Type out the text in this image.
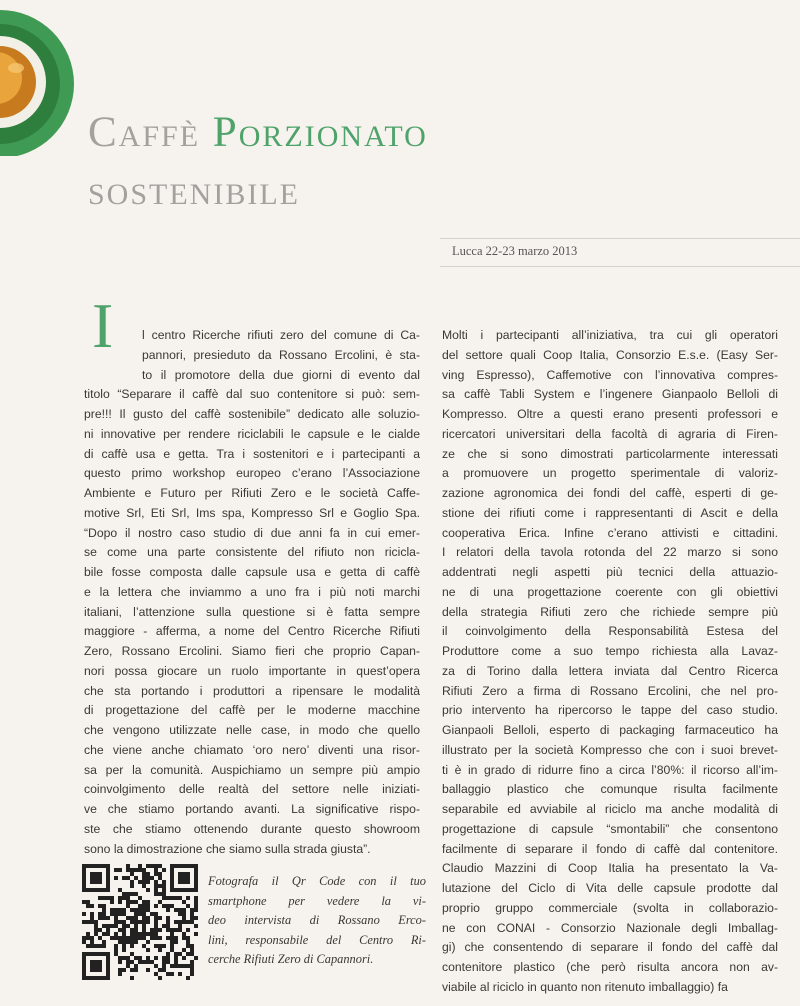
Caffè Porzionato
sostenibile
Lucca 22-23 marzo 2013
I	l centro Ricerche rifiuti zero del comune di Ca-
pannori, presieduto da Rossano Ercolini, è sta-
to il promotore della due giorni di evento dal
titolo “Separare il caffè dal suo contenitore si può: sem-
pre!!! Il gusto del caffè sostenibile” dedicato alle soluzio-
ni innovative per rendere riciclabili le capsule e le cialde
di caffè usa e getta. Tra i sostenitori e i partecipanti a
questo primo workshop europeo c’erano l’Associazione
Ambiente e Futuro per Rifiuti Zero e le società Caffe-
motive Srl, Eti Srl, Ims spa, Kompresso Srl e Goglio Spa.
“Dopo il nostro caso studio di due anni fa in cui emer-
se come una parte consistente del rifiuto non ricicla-
bile fosse composta dalle capsule usa e getta di caffè
e la lettera che inviammo a uno fra i più noti marchi
italiani, l’attenzione sulla questione si è fatta sempre
maggiore - afferma, a nome del Centro Ricerche Rifiuti
Zero, Rossano Ercolini. Siamo fieri che proprio Capan-
nori possa giocare un ruolo importante in quest’opera
che sta portando i produttori a ripensare le modalità
di progettazione del caffè per le moderne macchine
che vengono utilizzate nelle case, in modo che quello
che viene anche chiamato ‘oro nero’ diventi una risor-
sa per la comunità. Auspichiamo un sempre più ampio
coinvolgimento delle realtà del settore nelle iniziati-
ve che stiamo portando avanti. La significative rispo-
ste che stiamo ottenendo durante questo showroom
sono la dimostrazione che siamo sulla strada giusta”.
Molti i partecipanti all’iniziativa, tra cui gli operatori
del settore quali Coop Italia, Consorzio E.s.e. (Easy Ser-
ving Espresso), Caffemotive con l’innovativa compres-
sa caffè Tabli System e l’ingenere Gianpaolo Belloli di
Kompresso. Oltre a questi erano presenti professori e
ricercatori universitari della facoltà di agraria di Firen-
ze che si sono dimostrati particolarmente interessati
a promuovere un progetto sperimentale di valoriz-
zazione agronomica dei fondi del caffè, esperti di ge-
stione dei rifiuti come i rappresentanti di Ascit e della
cooperativa Erica. Infine c’erano attivisti e cittadini.
I relatori della tavola rotonda del 22 marzo si sono
addentrati negli aspetti più tecnici della attuazio-
ne di una progettazione coerente con gli obiettivi
della strategia Rifiuti zero che richiede sempre più
il coinvolgimento della Responsabilità Estesa del
Produttore come a suo tempo richiesta alla Lavaz-
za di Torino dalla lettera inviata dal Centro Ricerca
Rifiuti Zero a firma di Rossano Ercolini, che nel pro-
prio intervento ha ripercorso le tappe del caso studio.
Gianpaoli Belloli, esperto di packaging farmaceutico ha
illustrato per la società Kompresso che con i suoi brevet-
ti è in grado di ridurre fino a circa l’80%: il ricorso all’im-
ballaggio plastico che comunque risulta facilmente
separabile ed avviabile al riciclo ma anche modalità di
progettazione di capsule “smontabili” che consentono
facilmente di separare il fondo di caffè dal contenitore.
Claudio Mazzini di Coop Italia ha presentato la Va-
lutazione del Ciclo di Vita delle capsule prodotte dal
proprio gruppo commerciale (svolta in collaborazio-
ne con CONAI - Consorzio Nazionale degli Imballag-
gi) che consentendo di separare il fondo del caffè dal
contenitore plastico (che però risulta ancora non av-
viabile al riciclo in quanto non ritenuto imballaggio) fa
Fotografa il Qr Code con il tuo
smartphone per vedere la vi-
deo intervista di Rossano Erco-
lini, responsabile del Centro Ri-
cerche Rifiuti Zero di Capannori.
